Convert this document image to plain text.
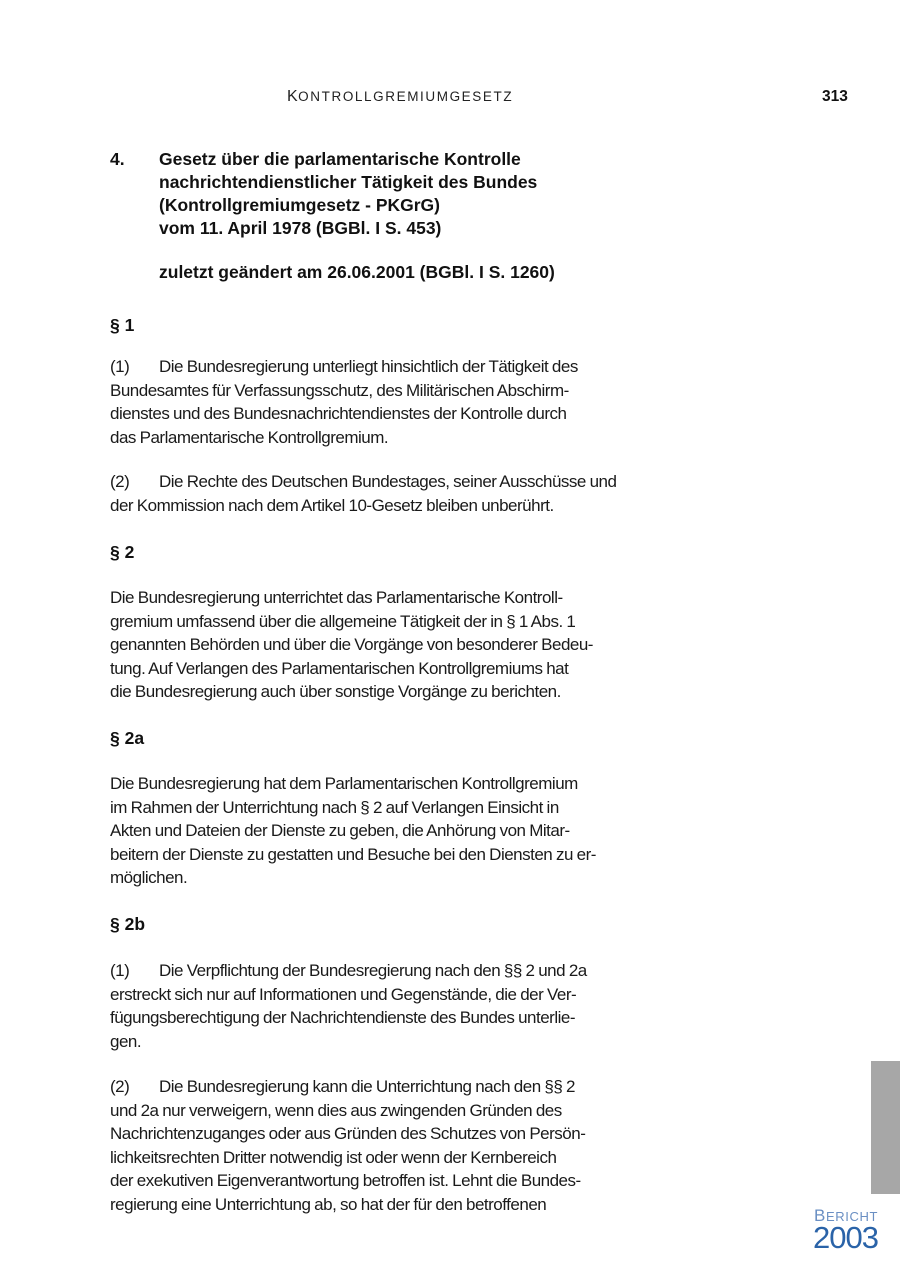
KONTROLLGREMIUMGESETZ	313
4. Gesetz über die parlamentarische Kontrolle
nachrichtendienstlicher Tätigkeit des Bundes
(Kontrollgremiumgesetz - PKGrG)
vom 11. April 1978 (BGBl. I S. 453)
zuletzt geändert am 26.06.2001 (BGBl. I S. 1260)
§ 1
(1) Die Bundesregierung unterliegt hinsichtlich der Tätigkeit des
Bundesamtes für Verfassungsschutz, des Militärischen Abschirm-
dienstes und des Bundesnachrichtendienstes der Kontrolle durch
das Parlamentarische Kontrollgremium.
(2) Die Rechte des Deutschen Bundestages, seiner Ausschüsse und
der Kommission nach dem Artikel 10-Gesetz bleiben unberührt.
§ 2
Die Bundesregierung unterrichtet das Parlamentarische Kontroll-
gremium umfassend über die allgemeine Tätigkeit der in § 1 Abs. 1
genannten Behörden und über die Vorgänge von besonderer Bedeu-
tung. Auf Verlangen des Parlamentarischen Kontrollgremiums hat
die Bundesregierung auch über sonstige Vorgänge zu berichten.
§ 2a
Die Bundesregierung hat dem Parlamentarischen Kontrollgremium
im Rahmen der Unterrichtung nach § 2 auf Verlangen Einsicht in
Akten und Dateien der Dienste zu geben, die Anhörung von Mitar-
beitern der Dienste zu gestatten und Besuche bei den Diensten zu er-
möglichen.
§ 2b
(1) Die Verpflichtung der Bundesregierung nach den §§ 2 und 2a
erstreckt sich nur auf Informationen und Gegenstände, die der Ver-
fügungsberechtigung der Nachrichtendienste des Bundes unterlie-
gen.
(2) Die Bundesregierung kann die Unterrichtung nach den §§ 2
und 2a nur verweigern, wenn dies aus zwingenden Gründen des
Nachrichtenzuganges oder aus Gründen des Schutzes von Persön-
lichkeitsrechten Dritter notwendig ist oder wenn der Kernbereich
der exekutiven Eigenverantwortung betroffen ist. Lehnt die Bundes-
regierung eine Unterrichtung ab, so hat der für den betroffenen
BERICHT
2003
